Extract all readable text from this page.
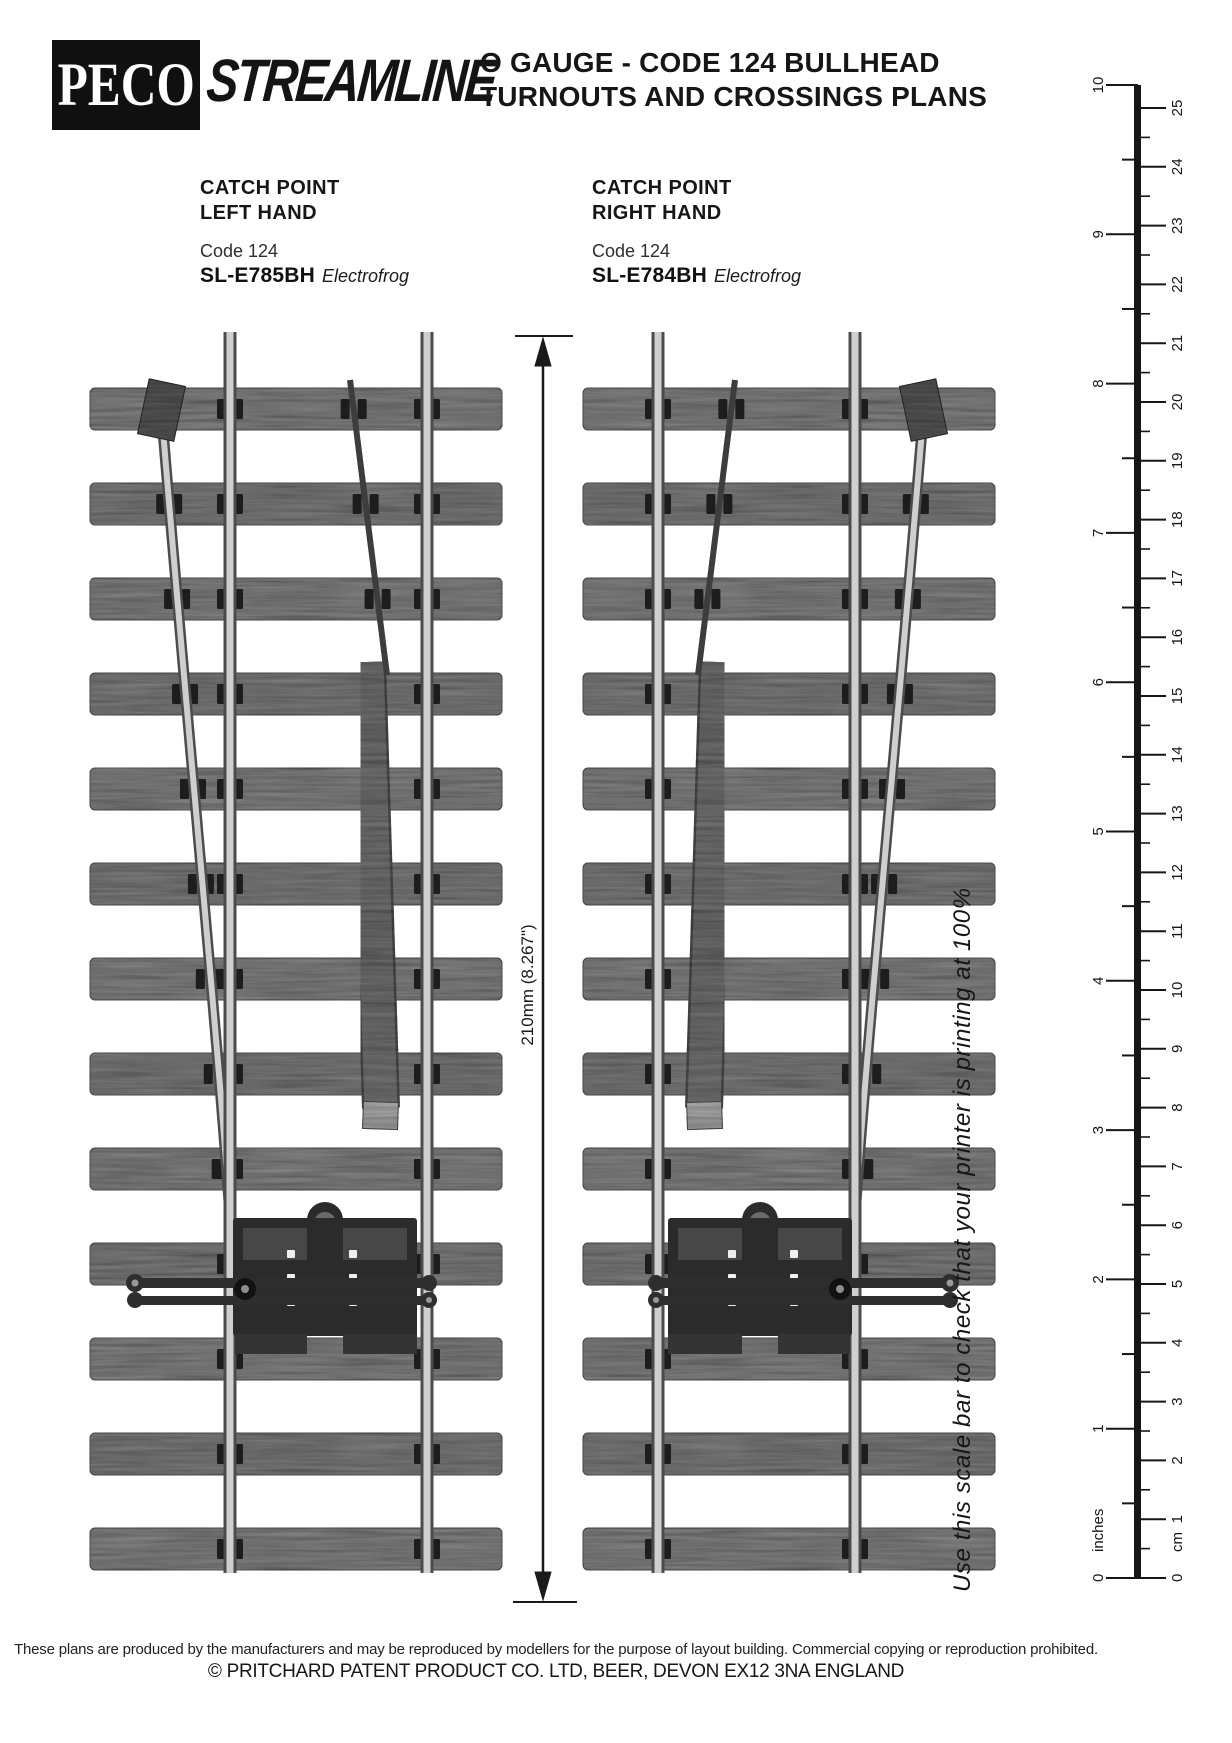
PECO STREAMLINE
O GAUGE - CODE 124 BULLHEAD
TURNOUTS AND CROSSINGS PLANS
CATCH POINT
LEFT HAND
Code 124
SL-E785BH Electrofrog
CATCH POINT
RIGHT HAND
Code 124
SL-E784BH Electrofrog
210mm (8.267")	Use this scale bar to check that your printer is printing at 100%	0
1
2
3
4
5
6
7
8
9
10
0
1
2
3
4
5
6
7
8
9
10
11
12
13
14
15
16
17
18
19
20
21
22
23
24
25
inches	cm
These plans are produced by the manufacturers and may be reproduced by modellers for the purpose of layout building. Commercial copying or reproduction prohibited.
© PRITCHARD PATENT PRODUCT CO. LTD, BEER, DEVON EX12 3NA ENGLAND
